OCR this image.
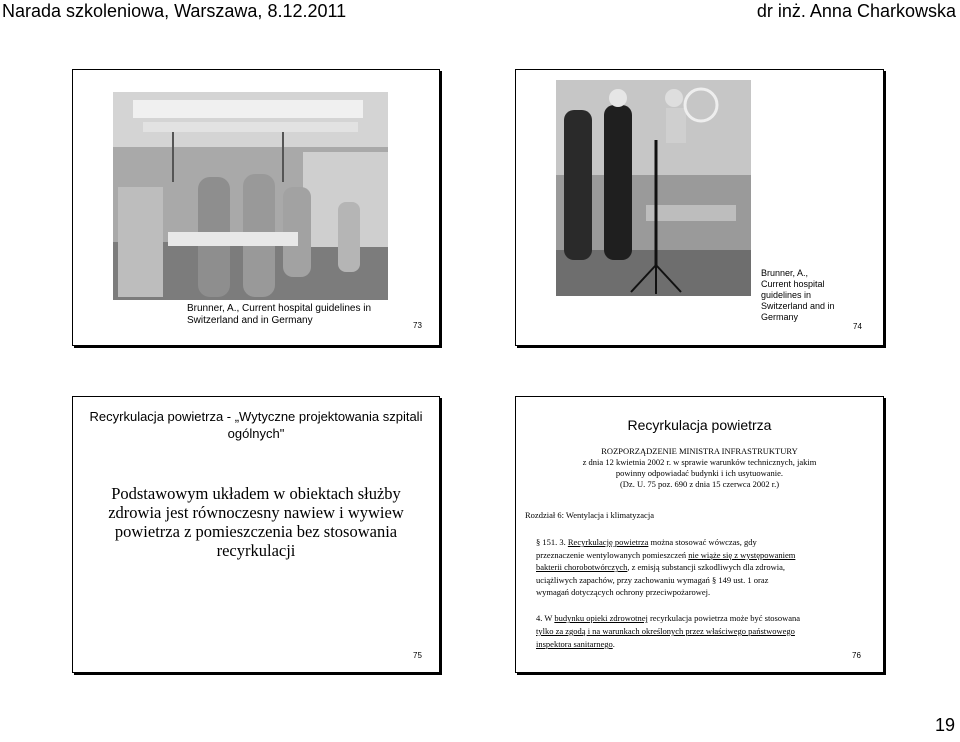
Narada szkoleniowa, Warszawa, 8.12.2011	dr inż. Anna Charkowska
Brunner, A., Current hospital guidelines in
Switzerland and in Germany	73
Brunner, A.,
Current hospital
guidelines in
Switzerland and in
Germany
74
Recyrkulacja powietrza - „Wytyczne projektowania szpitali
ogólnych"
Podstawowym układem w obiektach służby
zdrowia jest równoczesny nawiew i wywiew
powietrza z pomieszczenia bez stosowania
recyrkulacji
75
Recyrkulacja powietrza
ROZPORZĄDZENIE MINISTRA INFRASTRUKTURY
z dnia 12 kwietnia 2002 r. w sprawie warunków technicznych, jakim
powinny odpowiadać budynki i ich usytuowanie.
(Dz. U. 75 poz. 690 z dnia 15 czerwca 2002 r.)
Rozdział 6: Wentylacja i klimatyzacja
§ 151. 3. Recyrkulację powietrza można stosować wówczas, gdy
przeznaczenie wentylowanych pomieszczeń nie wiąże się z występowaniem
bakterii chorobotwórczych, z emisją substancji szkodliwych dla zdrowia,
uciążliwych zapachów, przy zachowaniu wymagań § 149 ust. 1 oraz
wymagań dotyczących ochrony przeciwpożarowej.
4. W budynku opieki zdrowotnej recyrkulacja powietrza może być stosowana
tylko za zgodą i na warunkach określonych przez właściwego państwowego
inspektora sanitarnego.
76
19
